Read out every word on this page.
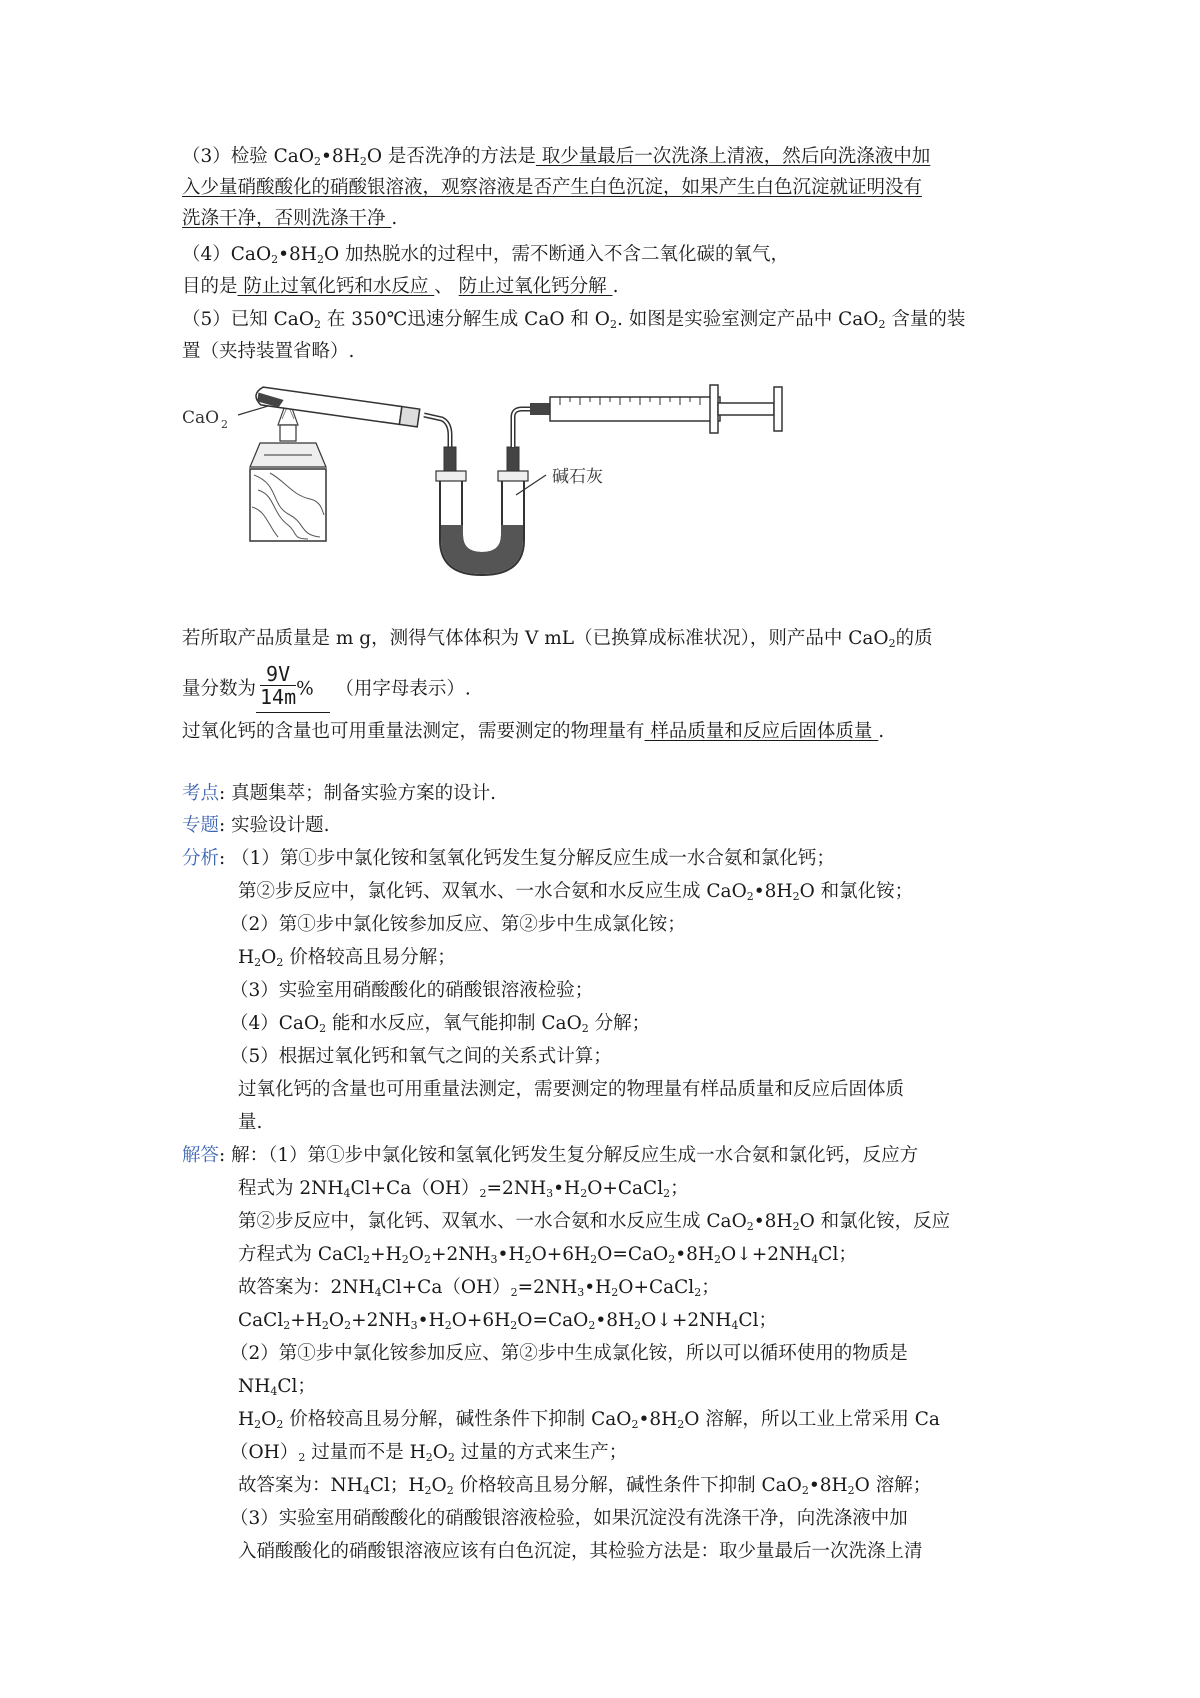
（3）检验 $CaO_2•8H_2O$ 是否洗净的方法是 取少量最后一次洗涤上清液，然后向洗涤液中加
入少量硝酸酸化的硝酸银溶液，观察溶液是否产生白色沉淀，如果产生白色沉淀就证明没有
洗涤干净，否则洗涤干净 .
$(4)CaO_2•8H_2O$ 加热脱水的过程中，需不断通入不含二氧化碳的氧气，
目的是 防止过氧化钙和水反应 、 防止过氧化钙分解 .
（5）已知 CaO$_2$ 在 350℃迅速分解生成 CaO 和 $O_2$. 如图是实验室测定产品中 CaO$_2$ 含量的装
置（夹持装置省略）.
CaO 2
碱石灰
若所取产品质量是 m g，测得气体体积为 V mL（已换算成标准状况），则产品中 CaO$_2$的质
量分数为 $\frac{9V}{14m}$ %   （用字母表示）.
过氧化钙的含量也可用重量法测定，需要测定的物理量有 样品质量和反应后固体质量 .
考点: 真题集萃；制备实验方案的设计.
专题: 实验设计题.
分析: （1）第①步中氯化铵和氢氧化钙发生复分解反应生成一水合氨和氯化钙；
第②步反应中，氯化钙、双氧水、一水合氨和水反应生成 $CaO_2•8H_2O$ 和氯化铵；
（2）第①步中氯化铵参加反应、第②步中生成氯化铵；
$H_2O_2$ 价格较高且易分解；
（3）实验室用硝酸酸化的硝酸银溶液检验；
（4）CaO$_2$ 能和水反应，氧气能抑制 CaO$_2$ 分解；
（5）根据过氧化钙和氧气之间的关系式计算；
过氧化钙的含量也可用重量法测定，需要测定的物理量有样品质量和反应后固体质
量.
解答: 解：（1）第①步中氯化铵和氢氧化钙发生复分解反应生成一水合氨和氯化钙，反应方
程式为 $2NH_4Cl+Ca(OH)_2=2NH_3•H_2O+CaCl_2$；
第②步反应中，氯化钙、双氧水、一水合氨和水反应生成 $CaO_2•8H_2O$ 和氯化铵，反应
方程式为 $CaCl_2+H_2O_2+2NH_3•H_2O+6H_2O=CaO_2•8H_2O↓+2NH_4Cl$；
故答案为：$2NH_4Cl+Ca(OH)_2=2NH_3•H_2O+CaCl_2$；
$CaCl_2+H_2O_2+2NH_3•H_2O+6H_2O=CaO_2•8H_2O↓+2NH_4Cl$；
（2）第①步中氯化铵参加反应、第②步中生成氯化铵，所以可以循环使用的物质是
$NH_4Cl$；
$H_2O_2$ 价格较高且易分解，碱性条件下抑制 $CaO_2•8H_2O$ 溶解，所以工业上常采用 Ca
$(OH)_2$ 过量而不是 $H_2O_2$ 过量的方式来生产；
故答案为：$NH_4Cl$；$H_2O_2$ 价格较高且易分解，碱性条件下抑制 $CaO_2•8H_2O$ 溶解；
（3）实验室用硝酸酸化的硝酸银溶液检验，如果沉淀没有洗涤干净，向洗涤液中加
入硝酸酸化的硝酸银溶液应该有白色沉淀，其检验方法是：取少量最后一次洗涤上清
